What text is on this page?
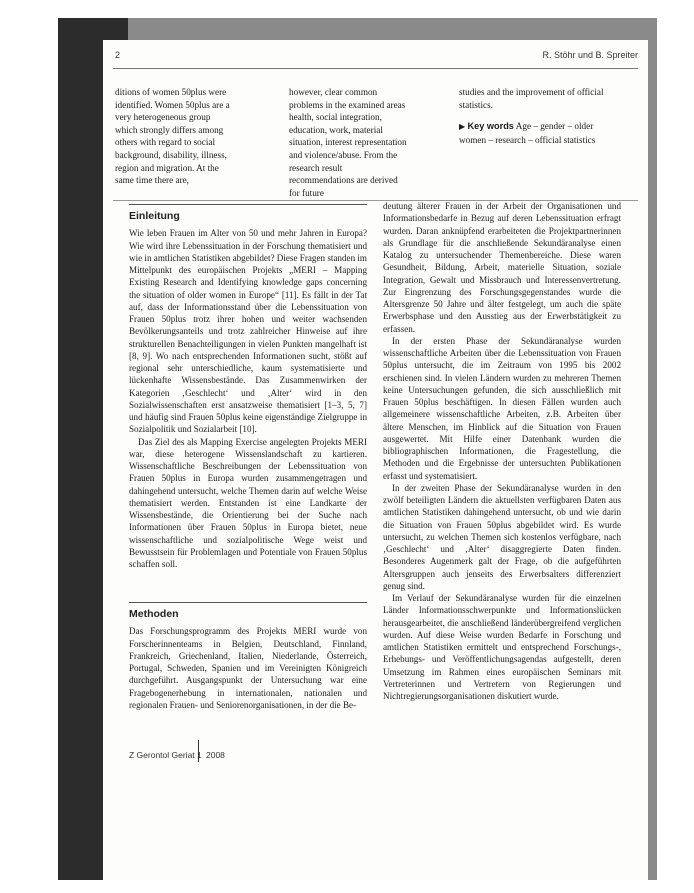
2	R. Stöhr und B. Spreiter
ditions of women 50plus were identified. Women 50plus are a very heterogeneous group which strongly differs among others with regard to social background, disability, illness, region and migration. At the same time there are,
however, clear common problems in the examined areas health, social integration, education, work, material situation, interest representation and violence/abuse. From the research result recommendations are derived for future
studies and the improvement of official statistics.
▶ Key words Age – gender – older women – research – official statistics
Einleitung

Wie leben Frauen im Alter von 50 und mehr Jahren in Europa? Wie wird ihre Lebenssituation in der Forschung thematisiert und wie in amtlichen Statistiken abgebildet? Diese Fragen standen im Mittelpunkt des europäischen Projekts „MERI – Mapping Existing Research and Identifying knowledge gaps concerning the situation of older women in Europe“ [11]. Es fällt in der Tat auf, dass der Informationsstand über die Lebenssituation von Frauen 50plus trotz ihrer hohen und weiter wachsenden Bevölkerungsanteils und trotz zahlreicher Hinweise auf ihre strukturellen Benachteiligungen in vielen Punkten mangelhaft ist [8, 9]. Wo nach entsprechenden Informationen sucht, stößt auf regional sehr unterschiedliche, kaum systematisierte und lückenhafte Wissensbestände. Das Zusammenwirken der Kategorien ‚Geschlecht‘ und ‚Alter‘ wird in den Sozialwissenschaften erst ansatzweise thematisiert [1–3, 5, 7] und häufig sind Frauen 50plus keine eigenständige Zielgruppe in Sozialpolitik und Sozialarbeit [10].

Das Ziel des als Mapping Exercise angelegten Projekts MERI war, diese heterogene Wissenslandschaft zu kartieren. Wissenschaftliche Beschreibungen der Lebenssituation von Frauen 50plus in Europa wurden zusammengetragen und dahingehend untersucht, welche Themen darin auf welche Weise thematisiert werden. Entstanden ist eine Landkarte der Wissensbestände, die Orientierung bei der Suche nach Informationen über Frauen 50plus in Europa bietet, neue wissenschaftliche und sozialpolitische Wege weist und Bewusstsein für Problemlagen und Potentiale von Frauen 50plus schaffen soll.

Methoden

Das Forschungsprogramm des Projekts MERI wurde von Forscherinnenteams in Belgien, Deutschland, Finnland, Frankreich, Griechenland, Italien, Niederlande, Österreich, Portugal, Schweden, Spanien und im Vereinigten Königreich durchgeführt. Ausgangspunkt der Untersuchung war eine Fragebogenerhebung in internationalen, nationalen und regionalen Frauen- und Seniorenorganisationen, in der die Be-

deutung älterer Frauen in der Arbeit der Organisationen und Informationsbedarfe in Bezug auf deren Lebenssituation erfragt wurden. Daran anknüpfend erarbeiteten die Projektpartnerinnen als Grundlage für die anschließende Sekundäranalyse einen Katalog zu untersuchender Themenbereiche. Diese waren Gesundheit, Bildung, Arbeit, materielle Situation, soziale Integration, Gewalt und Missbrauch und Interessenvertretung. Zur Eingrenzung des Forschungsgegenstandes wurde die Altersgrenze 50 Jahre und älter festgelegt, um auch die späte Erwerbsphase und den Ausstieg aus der Erwerbstätigkeit zu erfassen.

In der ersten Phase der Sekundäranalyse wurden wissenschaftliche Arbeiten über die Lebenssituation von Frauen 50plus untersucht, die im Zeitraum von 1995 bis 2002 erschienen sind. In vielen Ländern wurden zu mehreren Themen keine Untersuchungen gefunden, die sich ausschließlich mit Frauen 50plus beschäftigen. In diesen Fällen wurden auch allgemeinere wissenschaftliche Arbeiten, z.B. Arbeiten über ältere Menschen, im Hinblick auf die Situation von Frauen ausgewertet. Mit Hilfe einer Datenbank wurden die bibliographischen Informationen, die Fragestellung, die Methoden und die Ergebnisse der untersuchten Publikationen erfasst und systematisiert.

In der zweiten Phase der Sekundäranalyse wurden in den zwölf beteiligten Ländern die aktuellsten verfügbaren Daten aus amtlichen Statistiken dahingehend untersucht, ob und wie darin die Situation von Frauen 50plus abgebildet wird. Es wurde untersucht, zu welchen Themen sich kostenlos verfügbare, nach ‚Geschlecht‘ und ‚Alter‘ disaggregierte Daten finden. Besonderes Augenmerk galt der Frage, ob die aufgeführten Altersgruppen auch jenseits des Erwerbsalters differenziert genug sind.

Im Verlauf der Sekundäranalyse wurden für die einzelnen Länder Informationsschwerpunkte und Informationslücken herausgearbeitet, die anschließend länderübergreifend verglichen wurden. Auf diese Weise wurden Bedarfe in Forschung und amtlichen Statistiken ermittelt und entsprechend Forschungs-, Erhebungs- und Veröffentlichungsagendas aufgestellt, deren Umsetzung im Rahmen eines europäischen Seminars mit Vertreterinnen und Vertretern von Regierungen und Nichtregierungsorganisationen diskutiert wurde.

Z Gerontol Geriat 1 2008
